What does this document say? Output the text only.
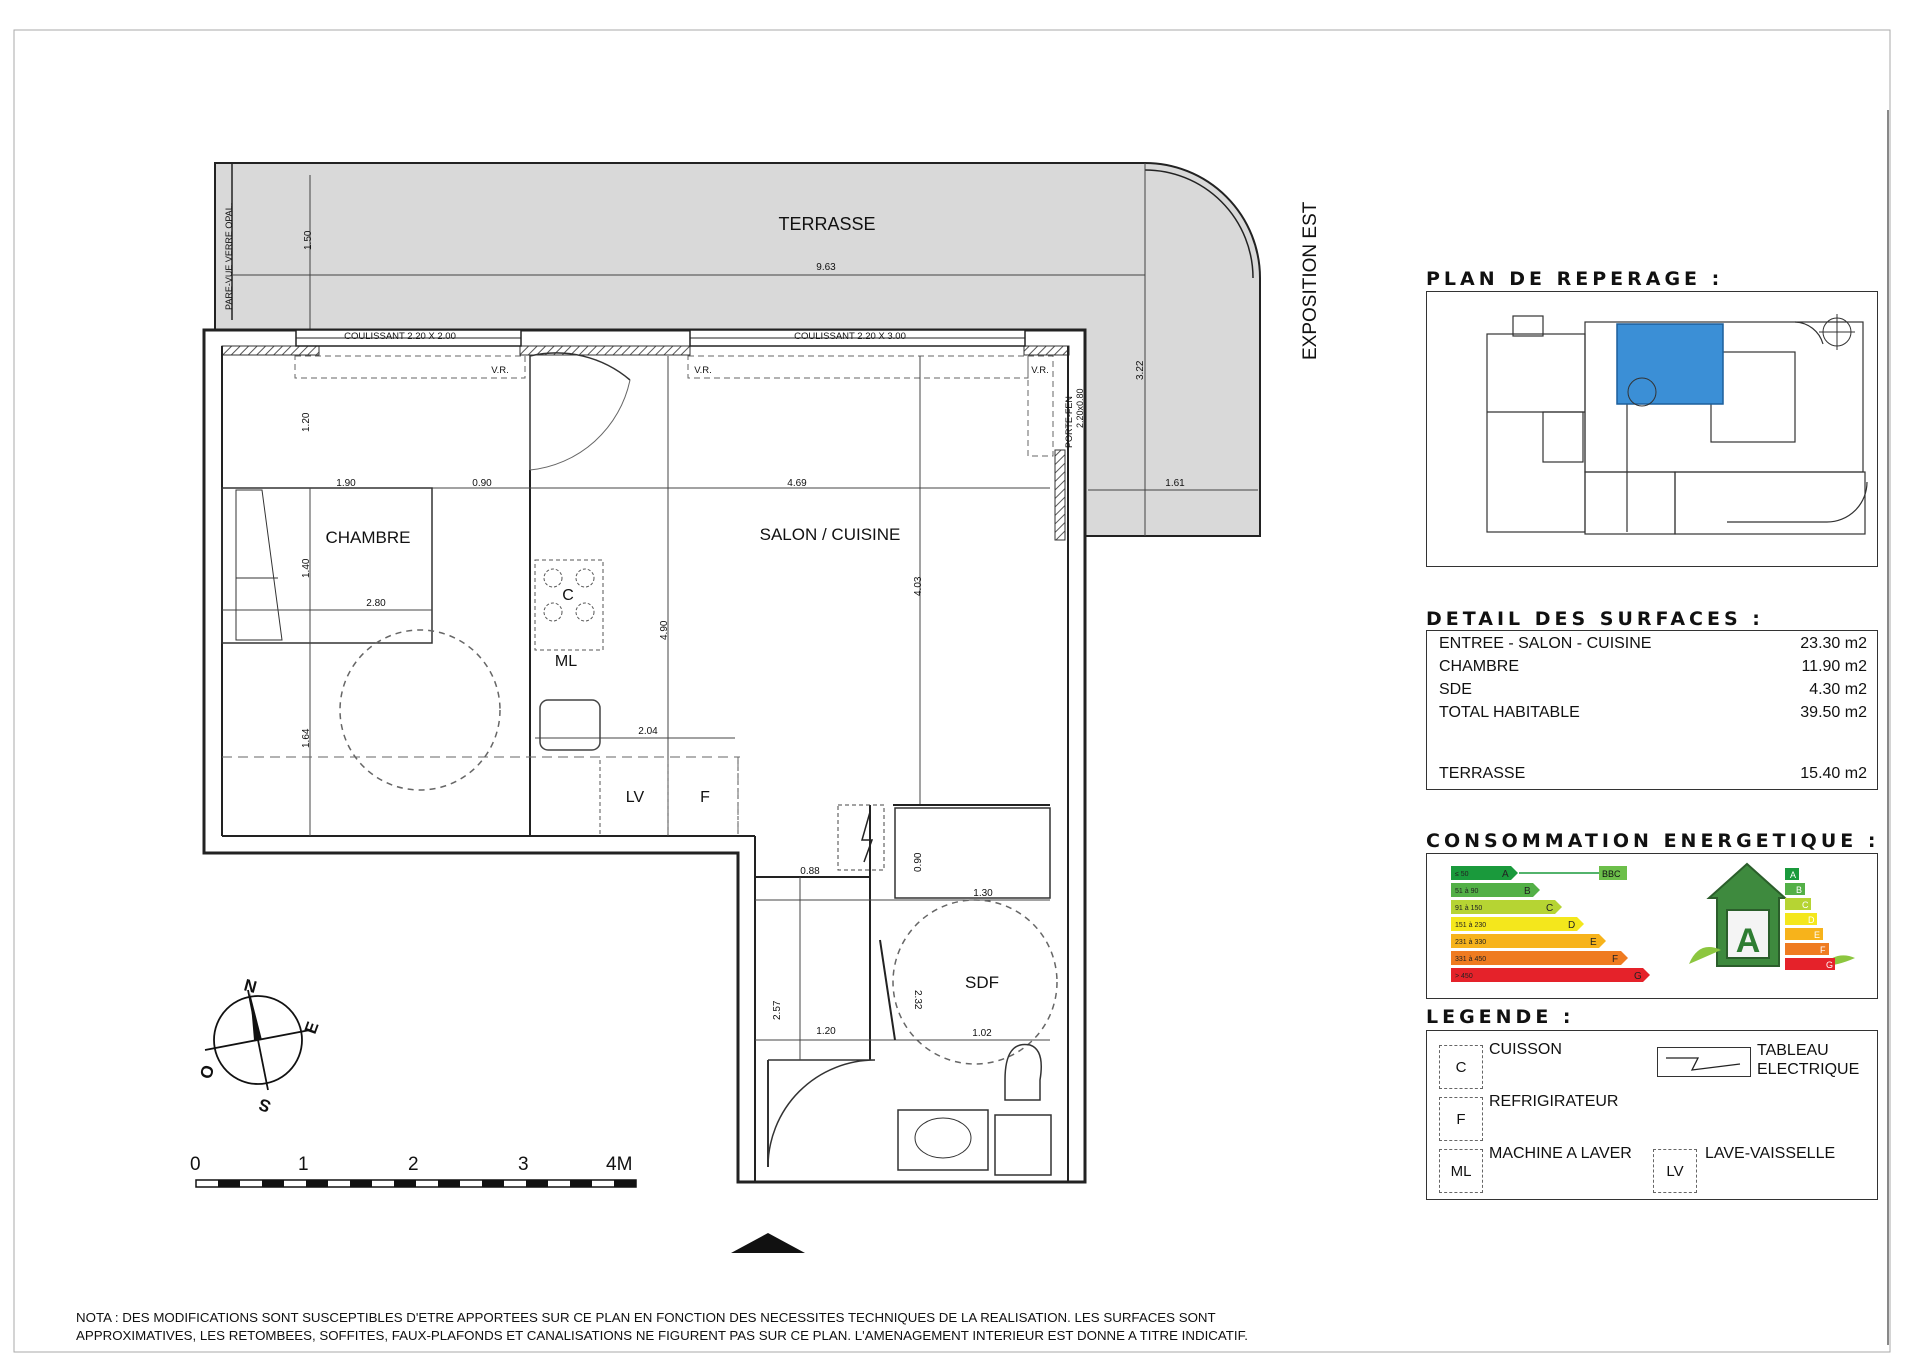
TERRASSE
CHAMBRE	SALON / CUISINE
SDF
EXPOSITION EST
PARE-VUE VERRE OPAL.
PORTE-FEN 2.20x0.80
COULISSANT 2.20 X 2.00	COULISSANT 2.20 X 3.00
V.R.	V.R.	V.R.
C
ML
LV	F
1.50
9.63
3.22
1.61
1.20
1.90	0.90	4.69
1.40
2.80
4.03
4.90
1.64	2.04
0.88	0.90
1.30
2.32
2.57
1.20	1.02
N
E
S
O
0	1	2	3	4M
PLAN DE REPERAGE :
DETAIL DES SURFACES :
ENTREE - SALON - CUISINE	23.30 m2
CHAMBRE	11.90 m2
SDE	4.30 m2
TOTAL HABITABLE	39.50 m2
TERRASSE	15.40 m2
CONSOMMATION ENERGETIQUE :
≤ 50	A
51 à 90	B
91 à 150	C
151 à 230	D
231 à 330	E
331 à 450	F
> 450	G
BBC
A
A
B
C
D
E
F
G
LEGENDE :
C
CUISSON	TABLEAU ELECTRIQUE
F
REFRIGIRATEUR
ML
MACHINE A LAVER
LV
LAVE-VAISSELLE
NOTA : DES MODIFICATIONS SONT SUSCEPTIBLES D'ETRE APPORTEES SUR CE PLAN EN FONCTION DES NECESSITES TECHNIQUES DE LA REALISATION. LES SURFACES SONT
APPROXIMATIVES, LES RETOMBEES, SOFFITES, FAUX-PLAFONDS ET CANALISATIONS NE FIGURENT PAS SUR CE PLAN. L'AMENAGEMENT INTERIEUR EST DONNE A TITRE INDICATIF.
